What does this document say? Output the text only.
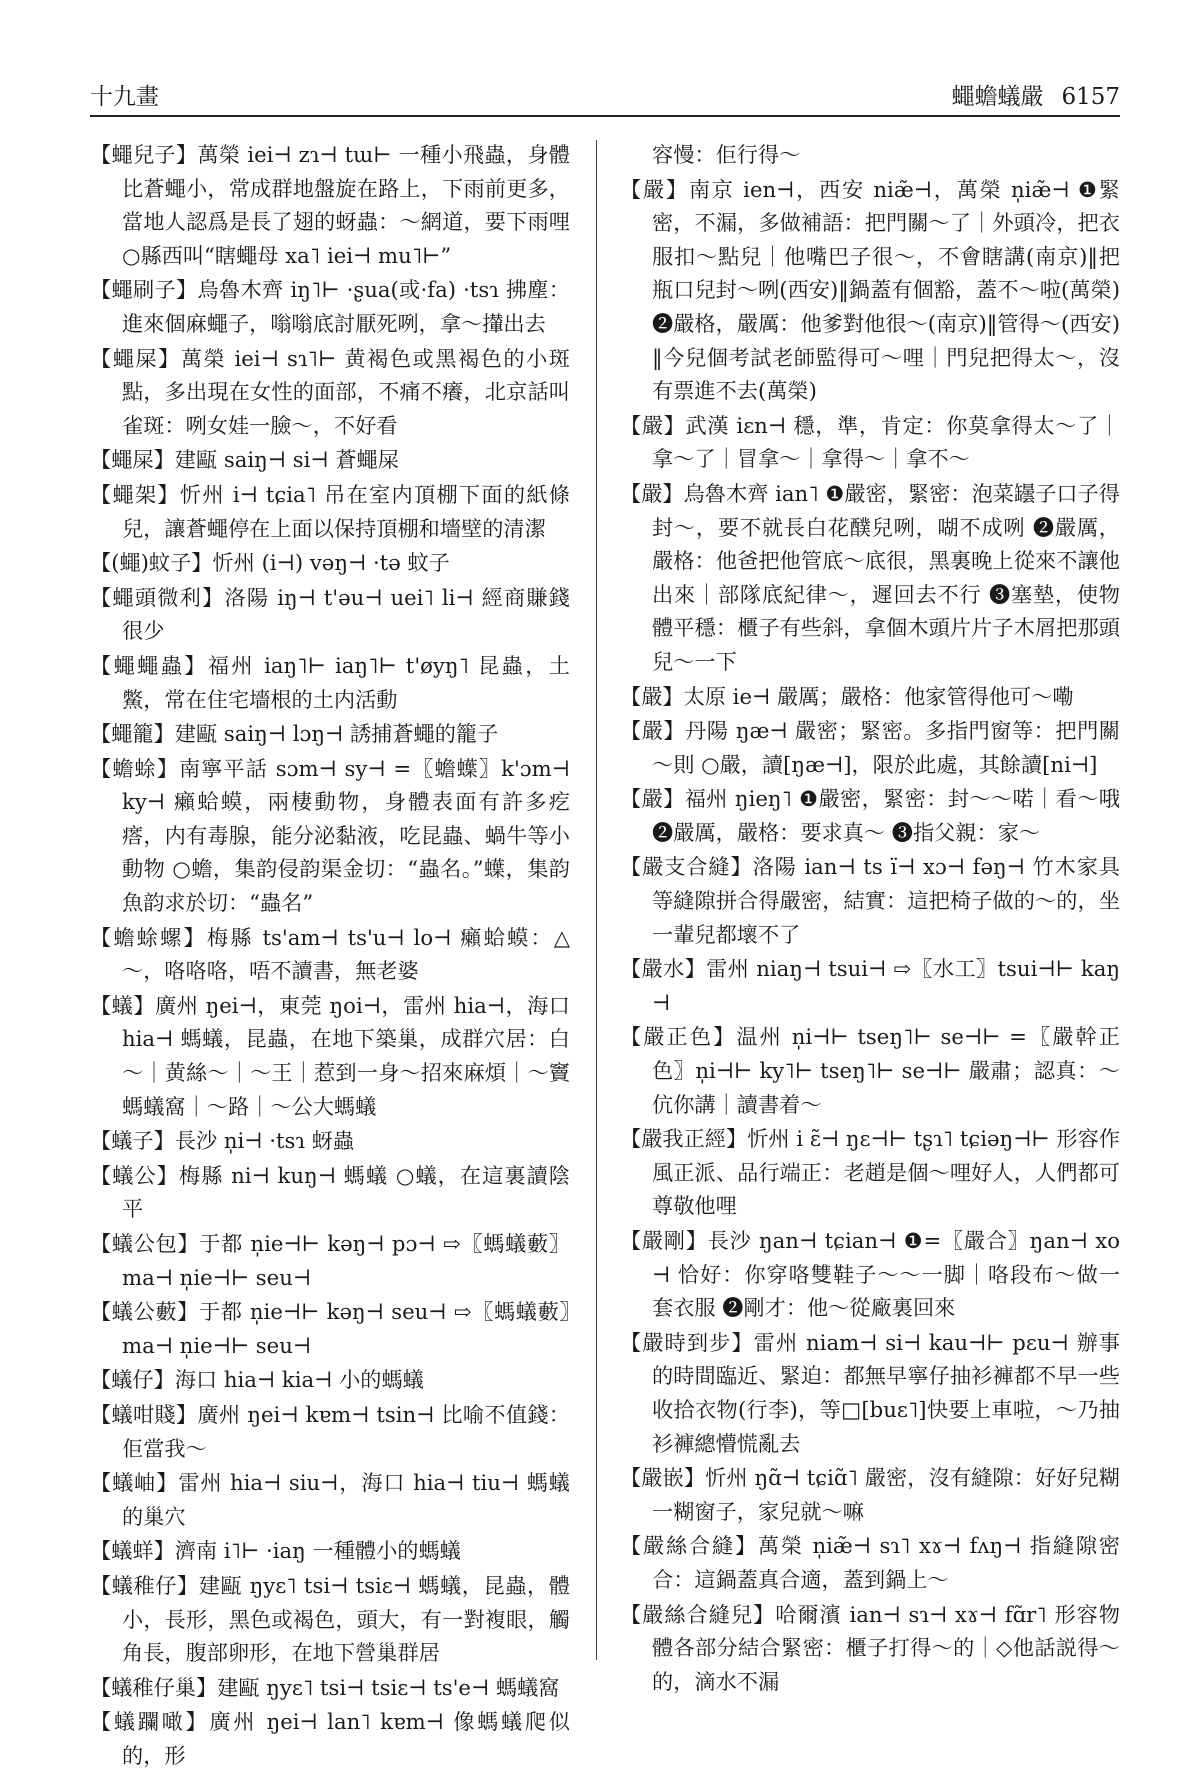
十九畫	蠅蟾蟻嚴 6157
【蠅兒子】萬榮 iei⊣ zɿ⊣ tɯ⊢ 一種小飛蟲，身體比蒼蠅小，常成群地盤旋在路上，下雨前更多，當地人認爲是長了翅的蚜蟲：～網道，要下雨哩 ○縣西叫“瞎蠅母 xa˥ iei⊣ mu˥⊢”
【蠅刷子】烏魯木齊 iŋ˥⊢ ·ʂua(或·fa) ·tsɿ 拂塵：進來個麻蠅子，嗡嗡底討厭死咧，拿～攆出去
【蠅屎】萬榮 iei⊣ sɿ˥⊢ 黄褐色或黑褐色的小斑點，多出現在女性的面部，不痛不癢，北京話叫雀斑：咧女娃一臉～，不好看
【蠅屎】建甌 saiŋ⊣ si⊣ 蒼蠅屎
【蠅架】忻州 i⊣ tɕia˥ 吊在室内頂棚下面的紙條兒，讓蒼蠅停在上面以保持頂棚和墻壁的清潔
【(蠅)蚊子】忻州 (i⊣) vəŋ⊣ ·tə 蚊子
【蠅頭微利】洛陽 iŋ⊣ t'əu⊣ uei˥ li⊣ 經商賺錢很少
【蠅蠅蟲】福州 iaŋ˥⊢ iaŋ˥⊢ t'øyŋ˥ 昆蟲，土鱉，常在住宅墻根的土内活動
【蠅籠】建甌 saiŋ⊣ lɔŋ⊣ 誘捕蒼蠅的籠子
【蟾蜍】南寧平話 sɔm⊣ sy⊣ =〖蟾蠂〗k'ɔm⊣ ky⊣ 癩蛤蟆，兩棲動物，身體表面有許多疙瘩，内有毒腺，能分泌黏液，吃昆蟲、蝸牛等小動物 ○蟾，集韵侵韵渠金切：“蟲名。”蠂，集韵魚韵求於切：“蟲名”
【蟾蜍螺】梅縣 ts'am⊣ ts'u⊣ lo⊣ 癩蛤蟆：△～，咯咯咯，唔不讀書，無老婆
【蟻】廣州 ŋei⊣，東莞 ŋoi⊣，雷州 hia⊣，海口 hia⊣ 螞蟻，昆蟲，在地下築巢，成群穴居：白～｜黄絲～｜～王｜惹到一身～招來麻煩｜～竇螞蟻窩｜～路｜～公大螞蟻
【蟻子】長沙 n̩i⊣ ·tsɿ 蚜蟲
【蟻公】梅縣 ni⊣ kuŋ⊣ 螞蟻 ○蟻，在這裏讀陰平
【蟻公包】于都 n̩ie⊣⊢ kəŋ⊣ pɔ⊣ ⇨〖螞蟻藪〗ma⊣ n̩ie⊣⊢ seu⊣
【蟻公藪】于都 n̩ie⊣⊢ kəŋ⊣ seu⊣ ⇨〖螞蟻藪〗ma⊣ n̩ie⊣⊢ seu⊣
【蟻仔】海口 hia⊣ kia⊣ 小的螞蟻
【蟻咁賤】廣州 ŋei⊣ kɐm⊣ tsin⊣ 比喻不值錢：佢當我～
【蟻岫】雷州 hia⊣ siu⊣，海口 hia⊣ tiu⊣ 螞蟻的巢穴
【蟻蛘】濟南 i˥⊢ ·iaŋ 一種體小的螞蟻
【蟻稚仔】建甌 ŋyɛ˥ tsi⊣ tsiɛ⊣ 螞蟻，昆蟲，體小，長形，黑色或褐色，頭大，有一對複眼，觸角長，腹部卵形，在地下營巢群居
【蟻稚仔巢】建甌 ŋyɛ˥ tsi⊣ tsiɛ⊣ ts'e⊣ 螞蟻窩
【蟻躝噉】廣州 ŋei⊣ lan˥ kɐm⊣ 像螞蟻爬似的，形
容慢：佢行得～
【嚴】南京 ien⊣，西安 niæ̃⊣，萬榮 n̩iæ̃⊣ ❶緊密，不漏，多做補語：把門關～了｜外頭冷，把衣服扣～點兒｜他嘴巴子很～，不會瞎講(南京)‖把瓶口兒封～咧(西安)‖鍋蓋有個豁，蓋不～啦(萬榮) ❷嚴格，嚴厲：他爹對他很～(南京)‖管得～(西安)‖今兒個考試老師監得可～哩｜門兒把得太～，沒有票進不去(萬榮)
【嚴】武漢 iɛn⊣ 穩，準，肯定：你莫拿得太～了｜拿～了｜冒拿～｜拿得～｜拿不～
【嚴】烏魯木齊 ian˥ ❶嚴密，緊密：泡菜罎子口子得封～，要不就長白花醭兒咧，㗅不成咧 ❷嚴厲，嚴格：他爸把他管底～底很，黑裏晚上從來不讓他出來｜部隊底紀律～，遲回去不行 ❸塞墊，使物體平穩：櫃子有些斜，拿個木頭片片子木屑把那頭兒～一下
【嚴】太原 ie⊣ 嚴厲；嚴格：他家管得他可～嘞
【嚴】丹陽 ŋæ⊣ 嚴密；緊密。多指門窗等：把門關～則 ○嚴，讀[ŋæ⊣]，限於此處，其餘讀[ni⊣]
【嚴】福州 ŋieŋ˥ ❶嚴密，緊密：封～～喏｜看～哦 ❷嚴厲，嚴格：要求真～ ❸指父親：家～
【嚴支合縫】洛陽 ian⊣ ts ï⊣ xɔ⊣ fəŋ⊣ 竹木家具等縫隙拼合得嚴密，結實：這把椅子做的～的，坐一輩兒都壞不了
【嚴水】雷州 niaŋ⊣ tsui⊣ ⇨〖水工〗tsui⊣⊢ kaŋ⊣
【嚴正色】温州 n̩i⊣⊢ tseŋ˥⊢ se⊣⊢ =〖嚴幹正色〗n̩i⊣⊢ ky˥⊢ tseŋ˥⊢ se⊣⊢ 嚴肅；認真：～伉你講｜讀書着～
【嚴我正經】忻州 i ɛ̃⊣ ŋɛ⊣⊢ tʂɿ˥ tɕiəŋ⊣⊢ 形容作風正派、品行端正：老趙是個～哩好人，人們都可尊敬他哩
【嚴剛】長沙 ŋan⊣ tɕian⊣ ❶=〖嚴合〗ŋan⊣ xo⊣ 恰好：你穿咯雙鞋子～～一脚｜咯段布～做一套衣服 ❷剛才：他～從廠裏回來
【嚴時到步】雷州 niam⊣ si⊣ kau⊣⊢ pɛu⊣ 辦事的時間臨近、緊迫：都無早寧仔抽衫褲都不早一些收拾衣物(行李)，等□[buɛ˥]快要上車啦，～乃抽衫褲總懵慌亂去
【嚴嵌】忻州 ŋɑ̃⊣ tɕiɑ̃˥ 嚴密，沒有縫隙：好好兒糊一糊窗子，家兒就～嘛
【嚴絲合縫】萬榮 n̩iæ̃⊣ sɿ˥ xɤ⊣ fʌŋ⊣ 指縫隙密合：這鍋蓋真合適，蓋到鍋上～
【嚴絲合縫兒】哈爾濱 ian⊣ sɿ⊣ xɤ⊣ fɑ̃r˥ 形容物體各部分結合緊密：櫃子打得～的｜◇他話説得～的，滴水不漏
